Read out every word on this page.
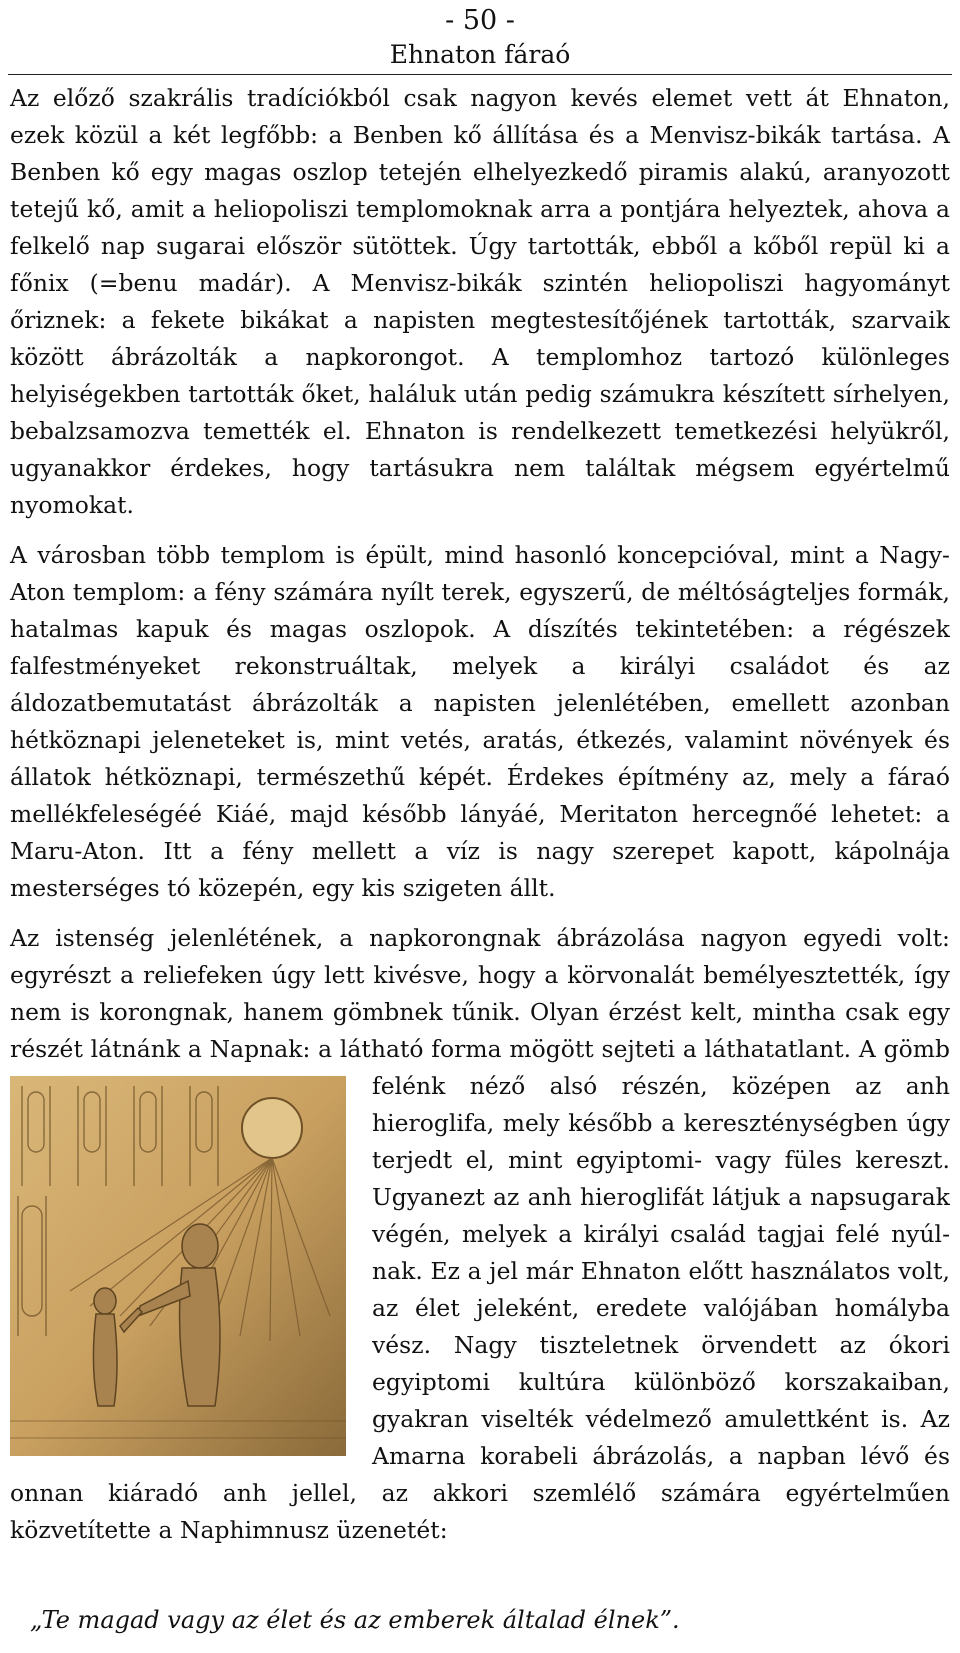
- 50 -
Ehnaton fáraó

Az előző szakrális tradíciókból csak nagyon kevés elemet vett át Ehnaton, ezek közül a két legfőbb: a Benben kő állítása és a Menvisz-bikák tartása. A Benben kő egy magas oszlop tetején elhelyezkedő piramis alakú, aranyozott tetejű kő, amit a heliopoliszi templomoknak arra a pontjára helyeztek, ahova a felkelő nap sugarai először sütöttek. Úgy tartották, ebből a kőből repül ki a főnix (=benu madár). A Menvisz-bikák szintén heliopoliszi hagyományt őriznek: a fekete bikákat a napisten megtestesítőjének tartották, szarvaik között ábrázolták a napkorongot. A templomhoz tartozó különleges helyiségekben tartották őket, haláluk után pedig számukra készített sírhelyen, bebalzsamozva temették el. Ehnaton is rendelkezett temetkezési helyükről, ugyanakkor érdekes, hogy tartásukra nem találtak mégsem egyértelmű nyomokat.

A városban több templom is épült, mind hasonló koncepcióval, mint a Nagy-Aton templom: a fény számára nyílt terek, egyszerű, de méltóságteljes formák, hatalmas kapuk és magas oszlopok. A díszítés tekintetében: a régészek falfestményeket rekonstruáltak, melyek a királyi családot és az áldozatbemutatást ábrázolták a napisten jelenlétében, emellett azonban hétköznapi jeleneteket is, mint vetés, aratás, étkezés, valamint növények és állatok hétköznapi, természethű képét. Érdekes építmény az, mely a fáraó mellékfeleségéé Kiáé, majd később lányáé, Meritaton hercegnőé lehetet: a Maru-Aton. Itt a fény mellett a víz is nagy szerepet kapott, kápolnája mesterséges tó közepén, egy kis szigeten állt.

Az istenség jelenlétének, a napkorongnak ábrázolása nagyon egyedi volt: egyrészt a reliefeken úgy lett kivésve, hogy a körvonalát bemélyesztették, így nem is korongnak, hanem gömbnek tűnik. Olyan érzést kelt, mintha csak egy részét látnánk a Napnak: a látható forma mögött
sejteti a láthatatlant. A gömb felénk néző alsó részén, középen az anh hieroglifa, mely később a kereszténységben úgy terjedt el, mint egyiptomi- vagy füles kereszt. Ugyanezt az anh hieroglifát látjuk a napsugarak végén, melyek a királyi család tagjai felé nyúlnak. Ez a jel már Ehnaton előtt használatos volt, az élet jeleként, eredete valójában homályba vész. Nagy tiszteletnek örvendett az ókori egyiptomi kultúra különböző korszakaiban, gyakran viselték védelmező amulettként is. Az Amarna korabeli ábrázolás, a napban lévő és onnan kiáradó anh jellel, az akkori szemlélő számára egyértelműen közvetítette a Naphimnusz üzenetét:

„Te magad vagy az élet és az emberek általad élnek”.
